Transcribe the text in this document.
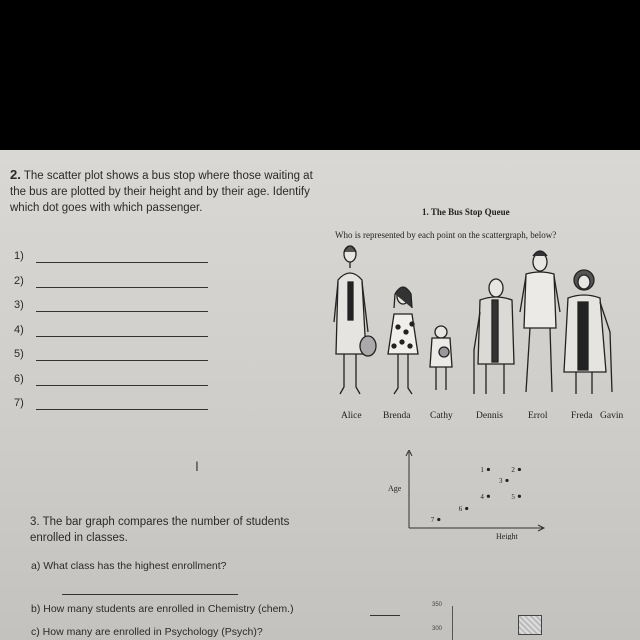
2. The scatter plot shows a bus stop where those waiting at the bus are plotted by their height and by their age. Identify which dot goes with which passenger.
1)
2)
3)
4)
5)
6)
7)
1. The Bus Stop Queue
Who is represented by each point on the scattergraph, below?
Alice Brenda Cathy Dennis	Errol Freda Gavin
Age
Height
1	2
3
4	5
6
7
I
3. The bar graph compares the number of students enrolled in classes.
a) What class has the highest enrollment?
b) How many students are enrolled in Chemistry (chem.)
c) How many are enrolled in Psychology (Psych)?
350
300
